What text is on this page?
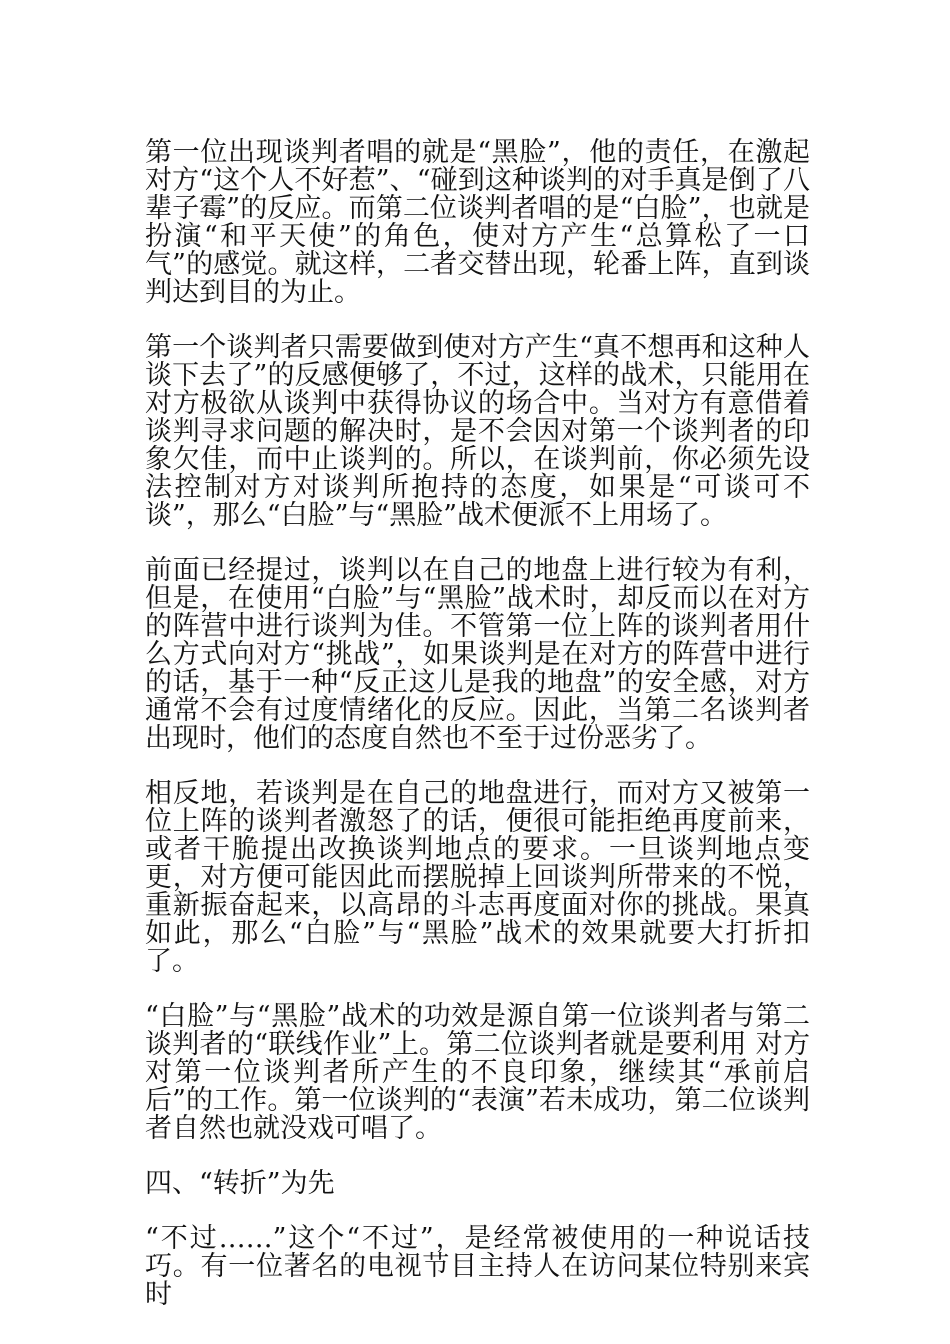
第一位出现谈判者唱的就是“黑脸”，他的责任，在激起对方“这个人不好惹”、“碰到这种谈判的对手真是倒了八辈子霉”的反应。而第二位谈判者唱的是“白脸”，也就是扮演“和平天使”的角色，使对方产生“总算松了一口气”的感觉。就这样，二者交替出现，轮番上阵，直到谈判达到目的为止。

第一个谈判者只需要做到使对方产生“真不想再和这种人谈下去了”的反感便够了，不过，这样的战术，只能用在对方极欲从谈判中获得协议的场合中。当对方有意借着谈判寻求问题的解决时，是不会因对第一个谈判者的印象欠佳，而中止谈判的。所以，在谈判前，你必须先设法控制对方对谈判所抱持的态度，如果是“可谈可不谈”，那么“白脸”与“黑脸”战术便派不上用场了。

前面已经提过，谈判以在自己的地盘上进行较为有利，但是，在使用“白脸”与“黑脸”战术时，却反而以在对方的阵营中进行谈判为佳。不管第一位上阵的谈判者用什么方式向对方“挑战”，如果谈判是在对方的阵营中进行的话，基于一种“反正这儿是我的地盘”的安全感，对方通常不会有过度情绪化的反应。因此，当第二名谈判者出现时，他们的态度自然也不至于过份恶劣了。

相反地，若谈判是在自己的地盘进行，而对方又被第一位上阵的谈判者激怒了的话，便很可能拒绝再度前来，或者干脆提出改换谈判地点的要求。一旦谈判地点变更，对方便可能因此而摆脱掉上回谈判所带来的不悦，重新振奋起来，以高昂的斗志再度面对你的挑战。果真如此，那么“白脸”与“黑脸”战术的效果就要大打折扣了。

“白脸”与“黑脸”战术的功效是源自第一位谈判者与第二谈判者的“联线作业”上。第二位谈判者就是要利用 对方对第一位谈判者所产生的不良印象，继续其“承前启后”的工作。第一位谈判的“表演”若未成功，第二位谈判者自然也就没戏可唱了。

四、“转折”为先

“不过……”这个“不过”，是经常被使用的一种说话技巧。有一位著名的电视节目主持人在访问某位特别来宾时
